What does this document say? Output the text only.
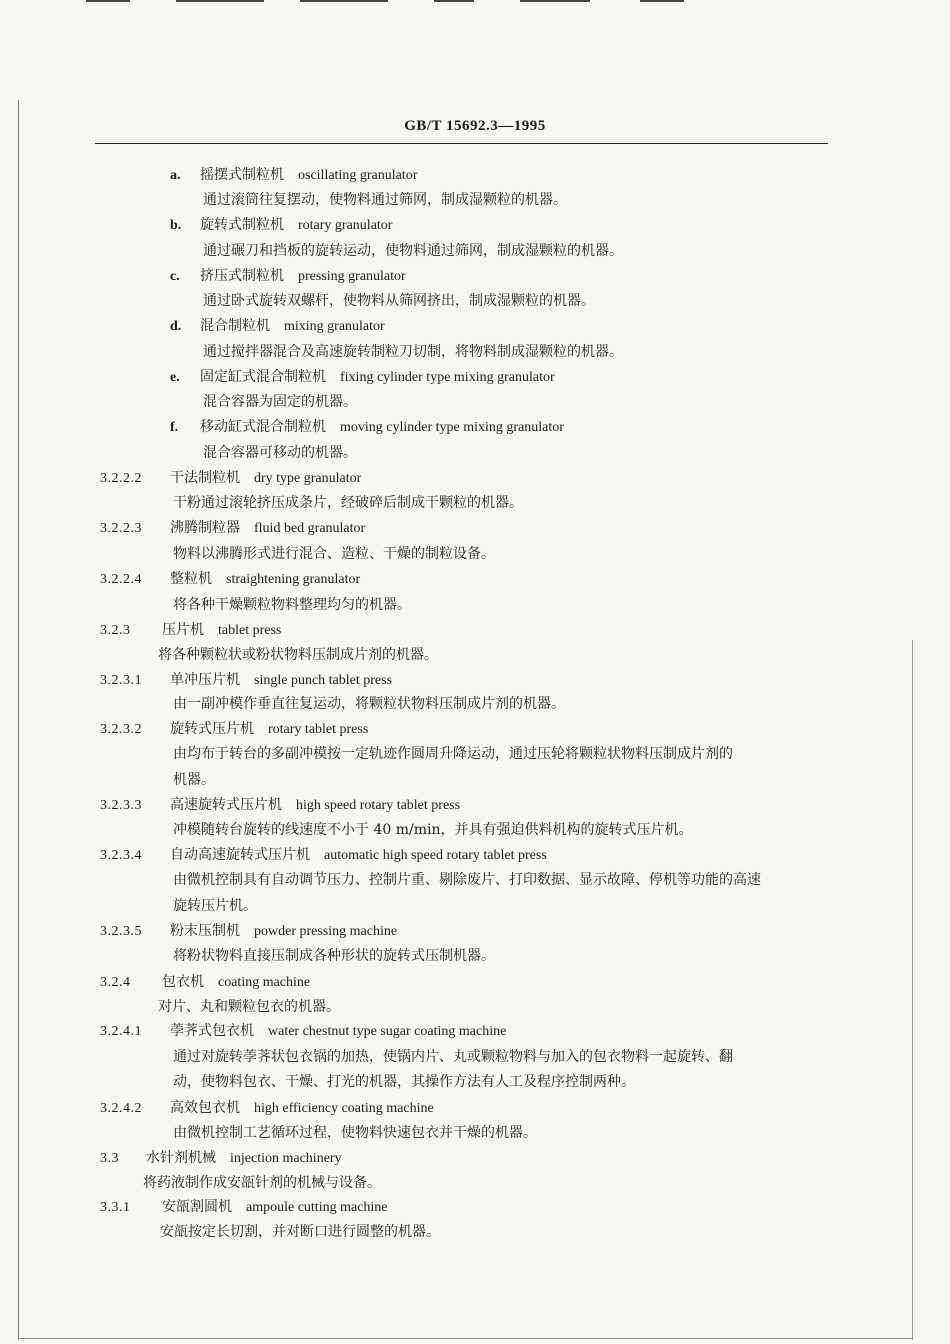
GB/T 15692.3—1995
a. 摇摆式制粒机 oscillating granulator
通过滚筒往复摆动，使物料通过筛网，制成湿颗粒的机器。
b. 旋转式制粒机 rotary granulator
通过碾刀和挡板的旋转运动，使物料通过筛网，制成湿颗粒的机器。
c. 挤压式制粒机 pressing granulator
通过卧式旋转双螺杆，使物料从筛网挤出，制成湿颗粒的机器。
d. 混合制粒机 mixing granulator
通过搅拌器混合及高速旋转制粒刀切制，将物料制成湿颗粒的机器。
e. 固定缸式混合制粒机 fixing cylinder type mixing granulator
混合容器为固定的机器。
f. 移动缸式混合制粒机 moving cylinder type mixing granulator
混合容器可移动的机器。
3.2.2.2 干法制粒机 dry type granulator
干粉通过滚轮挤压成条片，经破碎后制成干颗粒的机器。
3.2.2.3 沸腾制粒器 fluid bed granulator
物料以沸腾形式进行混合、造粒、干燥的制粒设备。
3.2.2.4 整粒机 straightening granulator
将各种干燥颗粒物料整理均匀的机器。
3.2.3 压片机 tablet press
将各种颗粒状或粉状物料压制成片剂的机器。
3.2.3.1 单冲压片机 single punch tablet press
由一副冲模作垂直往复运动，将颗粒状物料压制成片剂的机器。
3.2.3.2 旋转式压片机 rotary tablet press
由均布于转台的多副冲模按一定轨迹作圆周升降运动，通过压轮将颗粒状物料压制成片剂的
机器。
3.2.3.3 高速旋转式压片机 high speed rotary tablet press
冲模随转台旋转的线速度不小于 40 m/min，并具有强迫供料机构的旋转式压片机。
3.2.3.4 自动高速旋转式压片机 automatic high speed rotary tablet press
由微机控制具有自动调节压力、控制片重、剔除废片、打印数据、显示故障、停机等功能的高速
旋转压片机。
3.2.3.5 粉末压制机 powder pressing machine
将粉状物料直接压制成各种形状的旋转式压制机器。
3.2.4 包衣机 coating machine
对片、丸和颗粒包衣的机器。
3.2.4.1 荸荠式包衣机 water chestnut type sugar coating machine
通过对旋转荸荠状包衣锅的加热，使锅内片、丸或颗粒物料与加入的包衣物料一起旋转、翻
动，使物料包衣、干燥、打光的机器，其操作方法有人工及程序控制两种。
3.2.4.2 高效包衣机 high efficiency coating machine
由微机控制工艺循环过程，使物料快速包衣并干燥的机器。
3.3 水针剂机械 injection machinery
将药液制作成安瓿针剂的机械与设备。
3.3.1 安瓿割圆机 ampoule cutting machine
安瓿按定长切割，并对断口进行圆整的机器。
